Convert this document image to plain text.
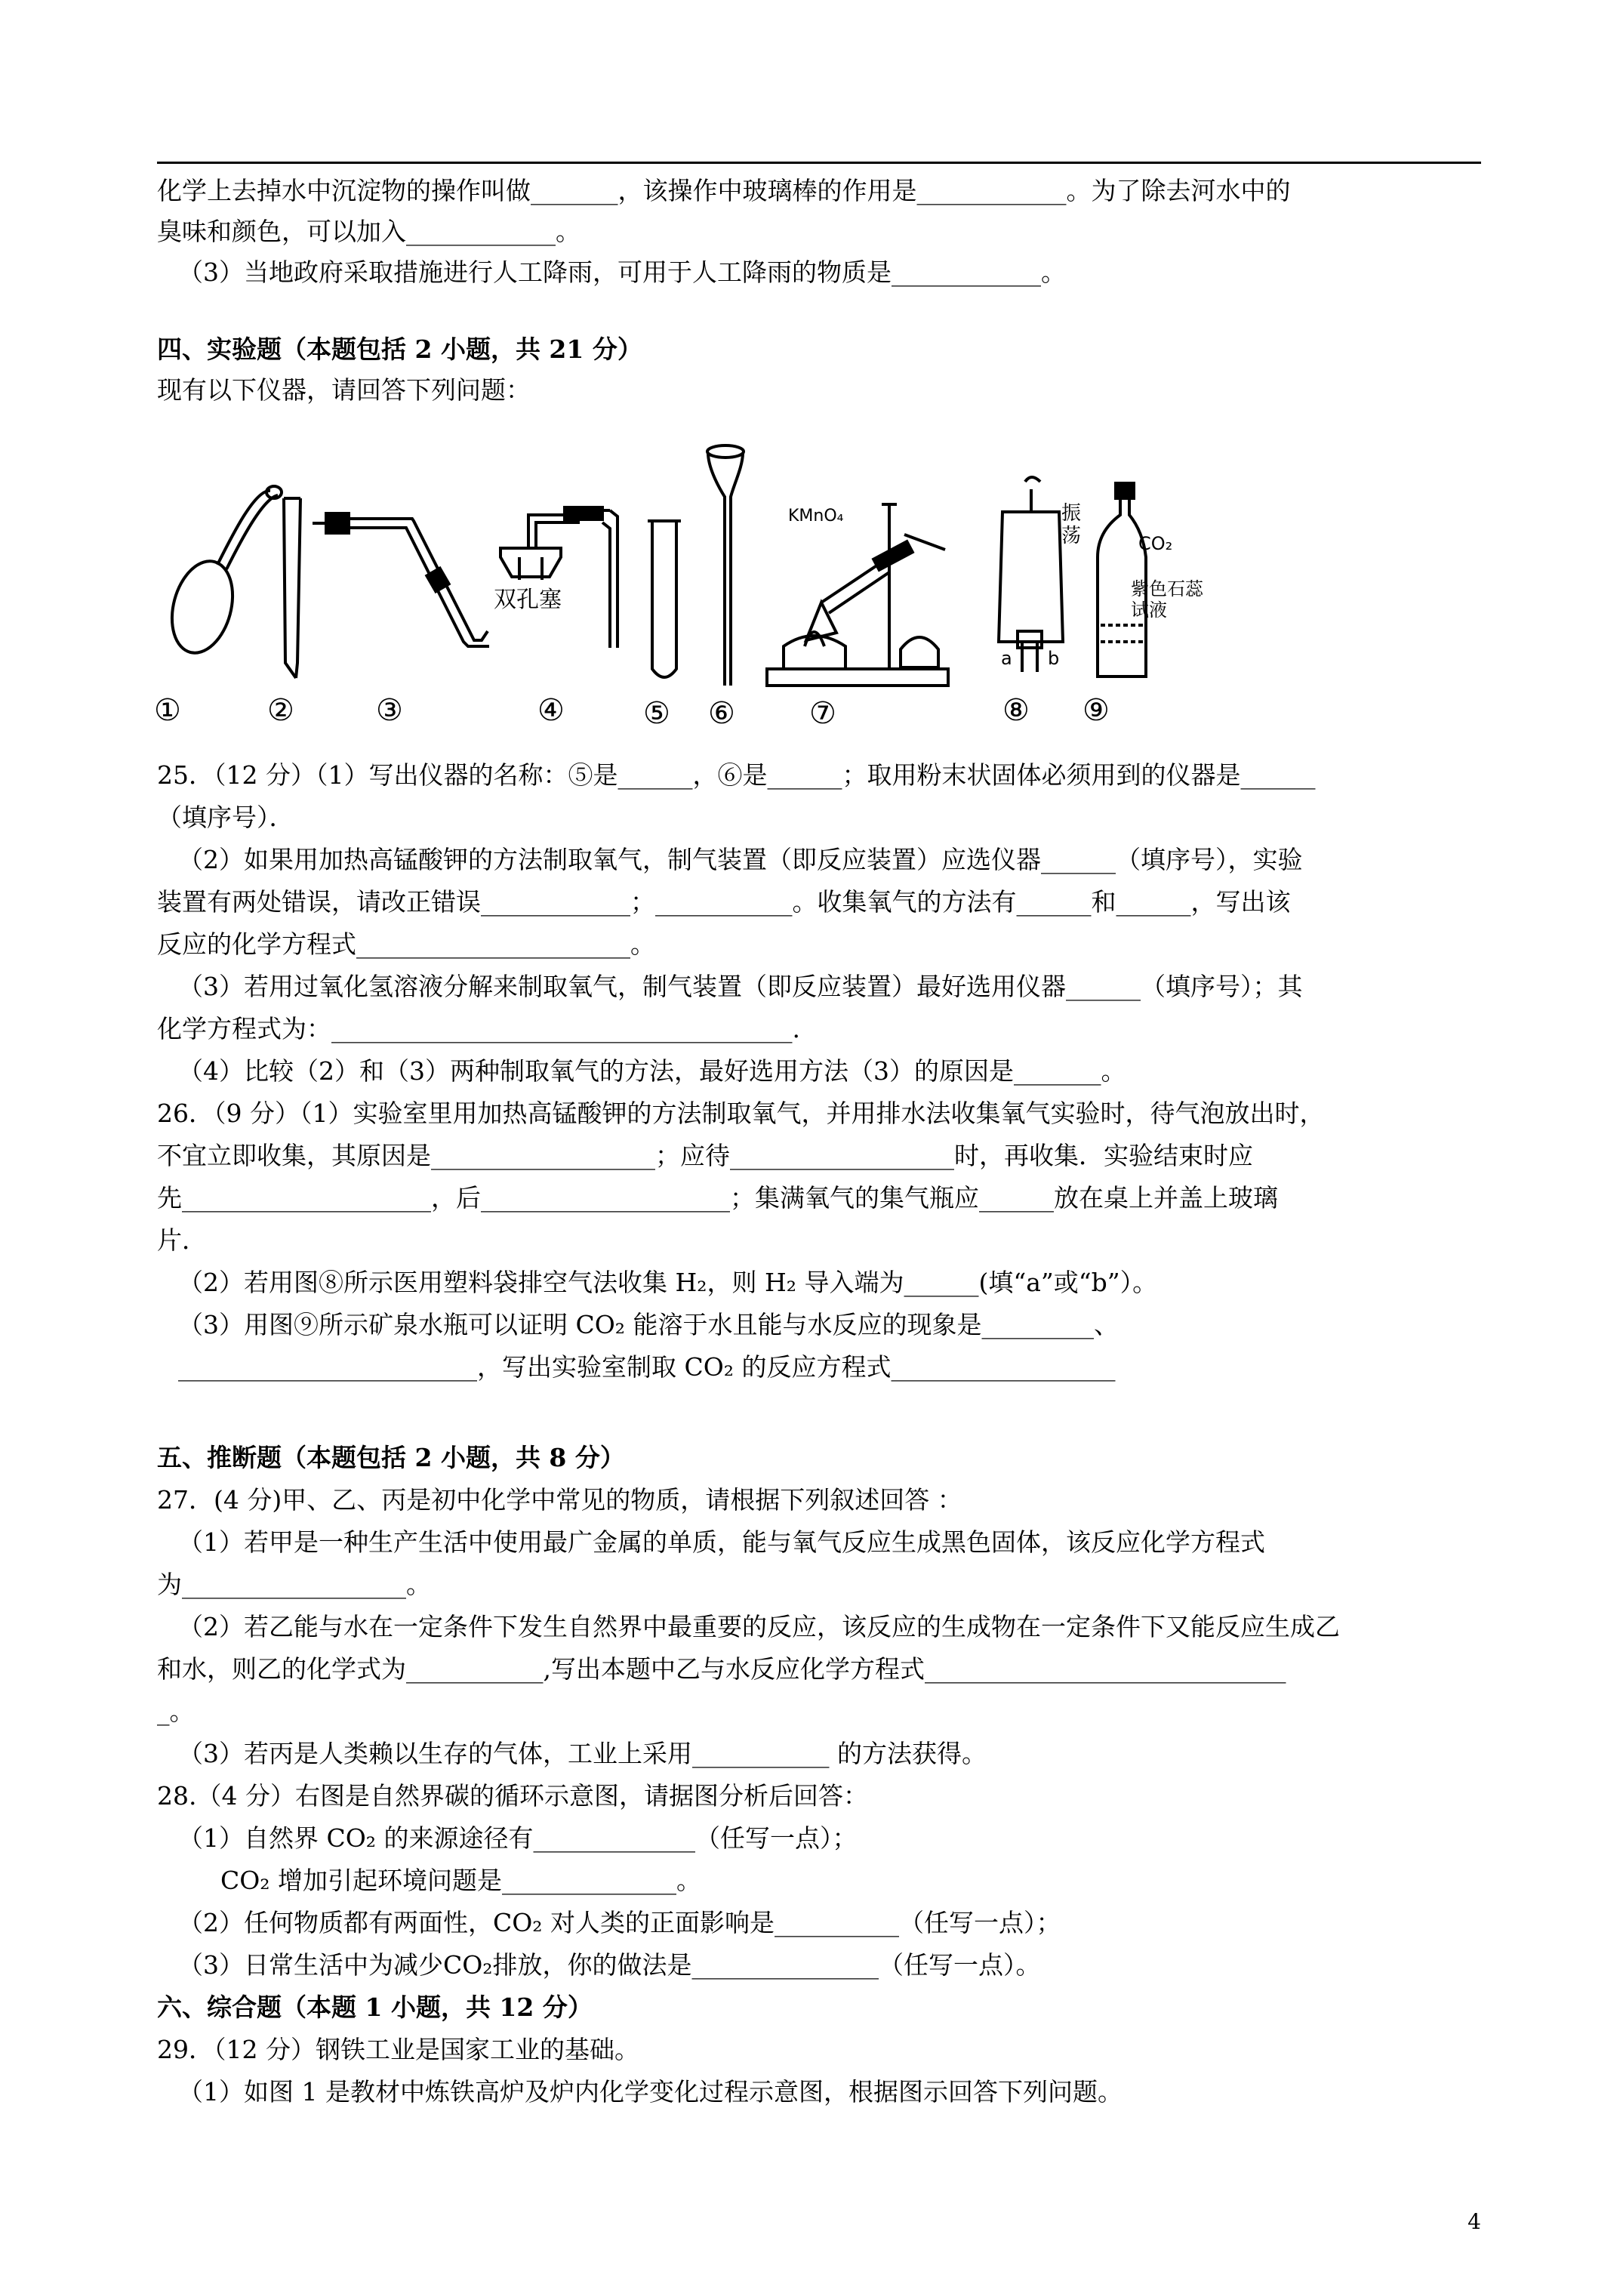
化学上去掉水中沉淀物的操作叫做_______，该操作中玻璃棒的作用是____________。为了除去河水中的
臭味和颜色，可以加入____________。
（3）当地政府采取措施进行人工降雨，可用于人工降雨的物质是____________。
四、实验题（本题包括 2 小题，共 21 分）
现有以下仪器，请回答下列问题：
25．（12 分）（1）写出仪器的名称：⑤是______，⑥是______；取用粉末状固体必须用到的仪器是______
（填序号）．
（2）如果用加热高锰酸钾的方法制取氧气，制气装置（即反应装置）应选仪器______（填序号），实验
装置有两处错误，请改正错误____________；___________。收集氧气的方法有______和______，写出该
反应的化学方程式______________________。
（3）若用过氧化氢溶液分解来制取氧气，制气装置（即反应装置）最好选用仪器______（填序号）；其
化学方程式为：_____________________________________.
（4）比较（2）和（3）两种制取氧气的方法，最好选用方法（3）的原因是_______。
26．（9 分）（1）实验室里用加热高锰酸钾的方法制取氧气，并用排水法收集氧气实验时，待气泡放出时，
不宜立即收集，其原因是__________________；应待__________________时，再收集．实验结束时应
先____________________，后____________________；集满氧气的集气瓶应______放在桌上并盖上玻璃
片．
（2）若用图⑧所示医用塑料袋排空气法收集 H₂，则 H₂ 导入端为______(填“a”或“b”）。
（3）用图⑨所示矿泉水瓶可以证明 CO₂ 能溶于水且能与水反应的现象是_________、
________________________，写出实验室制取 CO₂ 的反应方程式__________________
五、推断题（本题包括 2 小题，共 8 分）
27．(4 分)甲、乙、丙是初中化学中常见的物质，请根据下列叙述回答 ：
（1）若甲是一种生产生活中使用最广金属的单质，能与氧气反应生成黑色固体，该反应化学方程式
为__________________。
（2）若乙能与水在一定条件下发生自然界中最重要的反应，该反应的生成物在一定条件下又能反应生成乙
和水，则乙的化学式为___________,写出本题中乙与水反应化学方程式_____________________________
_。
（3）若丙是人类赖以生存的气体，工业上采用___________ 的方法获得。
28.（4 分）右图是自然界碳的循环示意图，请据图分析后回答：
（1）自然界 CO₂ 的来源途径有_____________（任写一点）；
CO₂ 增加引起环境问题是______________。
（2）任何物质都有两面性，CO₂ 对人类的正面影响是__________（任写一点）；
（3）日常生活中为减少CO₂排放，你的做法是_______________（任写一点）。
六、综合题（本题 1 小题，共 12 分）
29．（12 分）钢铁工业是国家工业的基础。
（1）如图 1 是教材中炼铁高炉及炉内化学变化过程示意图，根据图示回答下列问题。
双孔塞
KMnO₄	振
荡	CO₂
紫色石蕊
试液
a b
①	②	③	④	⑤ ⑥ ⑦	⑧ ⑨
4
